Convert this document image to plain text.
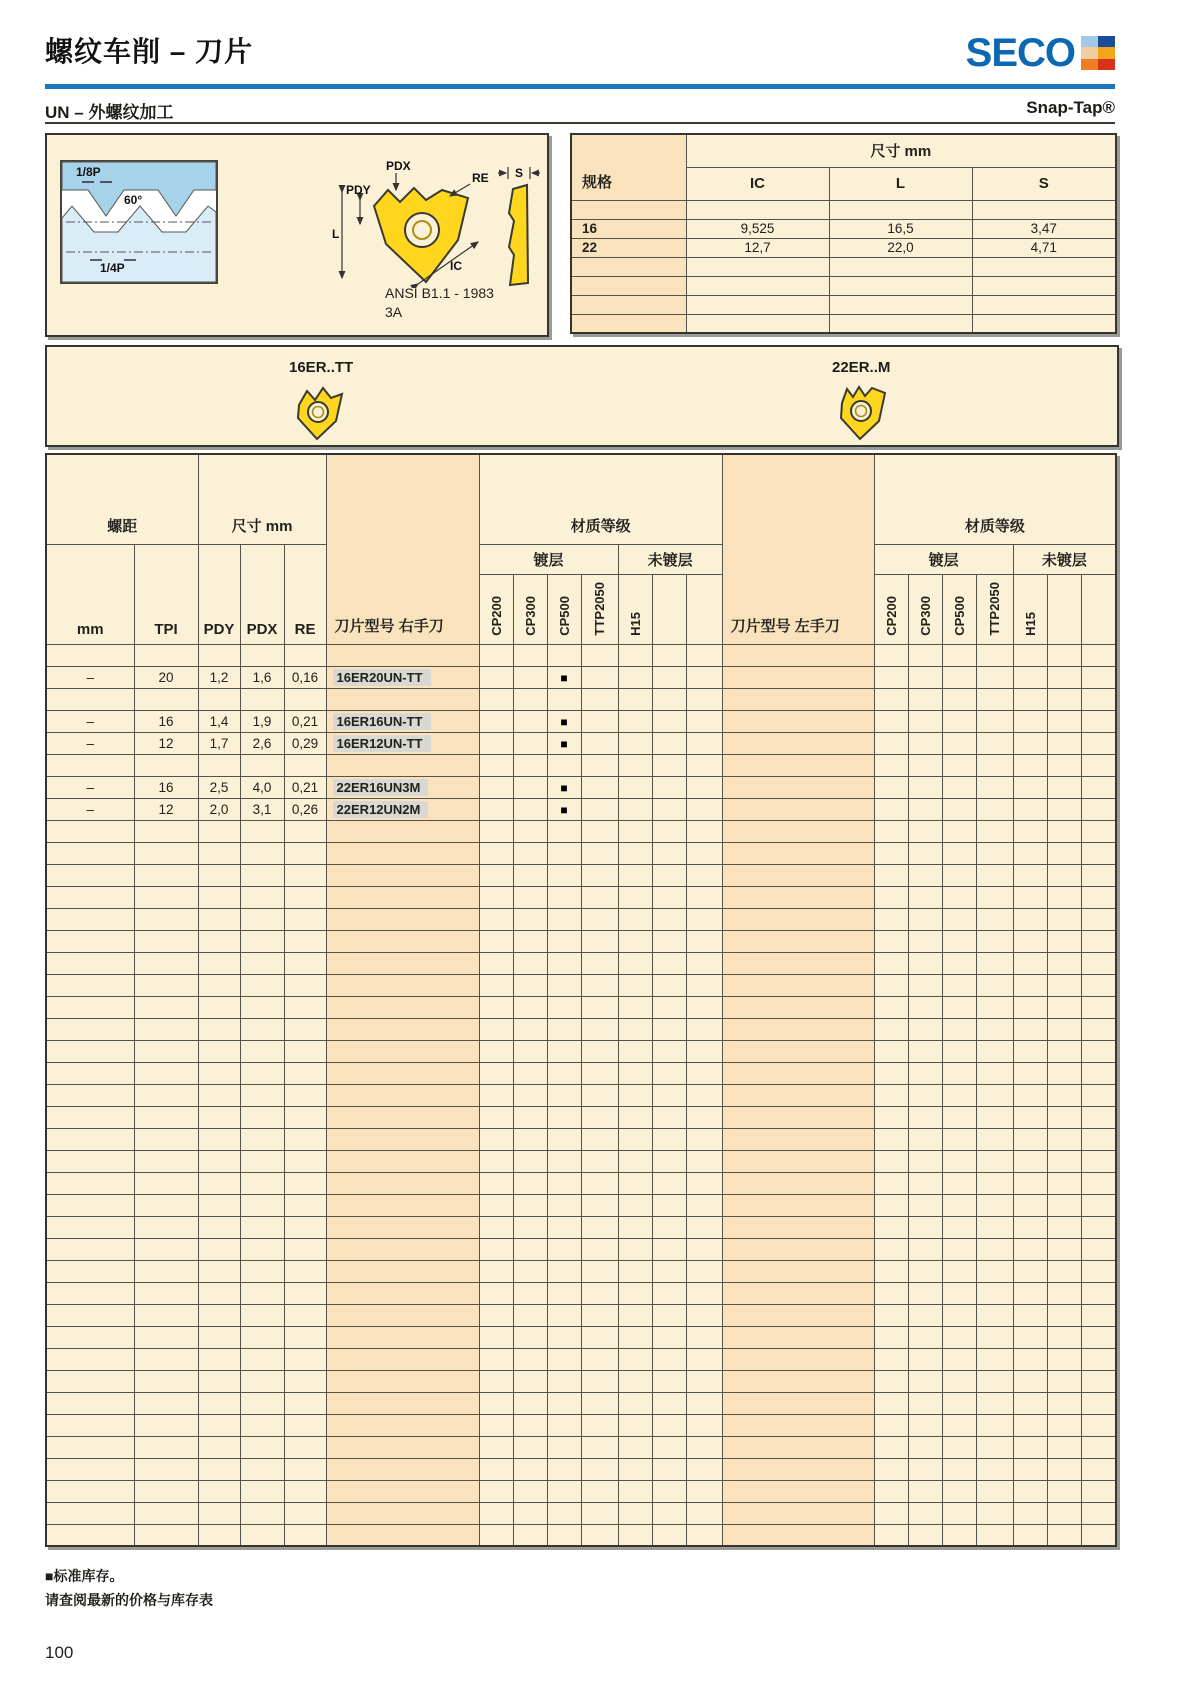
螺纹车削 – 刀片	SECO
UN – 外螺纹加工	Snap-Tap®
1/8P
60°
1/4P
L
PDY
PDX
RE
IC
S
ANSI B1.1 - 1983
3A
规格	尺寸 mm		
	IC	L	S

16	9,525	16,5	3,47
22	12,7	22,0	4,71

16ER..TT	22ER..M
螺距		尺寸 mm			刀片型号 右手刀	材质等级							刀片型号 左手刀	材质等级						
mm	TPI	PDY	PDX	RE		镀层				未镀层				镀层				未镀层		
						CP200	CP300	CP500	TTP2050	H15				CP200	CP300	CP500	TTP2050	H15		

–	20	1,2	1,6	0,16	16ER20UN-TT			■												

–	16	1,4	1,9	0,21	16ER16UN-TT			■												
–	12	1,7	2,6	0,29	16ER12UN-TT			■												

–	16	2,5	4,0	0,21	22ER16UN3M			■												
–	12	2,0	3,1	0,26	22ER12UN2M			■												

■标准库存。
请查阅最新的价格与库存表
100
